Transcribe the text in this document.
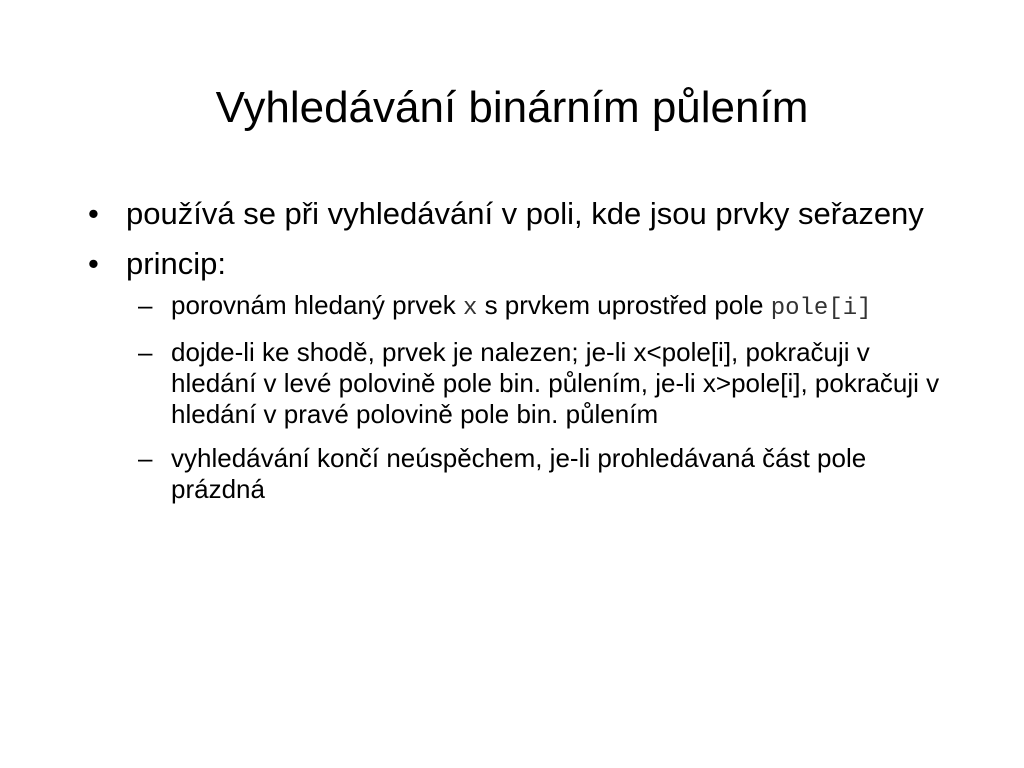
Vyhledávání binárním půlením
• používá se při vyhledávání v poli, kde jsou prvky seřazeny
• princip:
– porovnám hledaný prvek x s prvkem uprostřed pole pole[i]
– dojde-li ke shodě, prvek je nalezen; je-li x<pole[i], pokračuji v hledání v levé polovině pole bin. půlením, je-li x>pole[i], pokračuji v hledání v pravé polovině pole bin. půlením
– vyhledávání končí neúspěchem, je-li prohledávaná část pole prázdná
